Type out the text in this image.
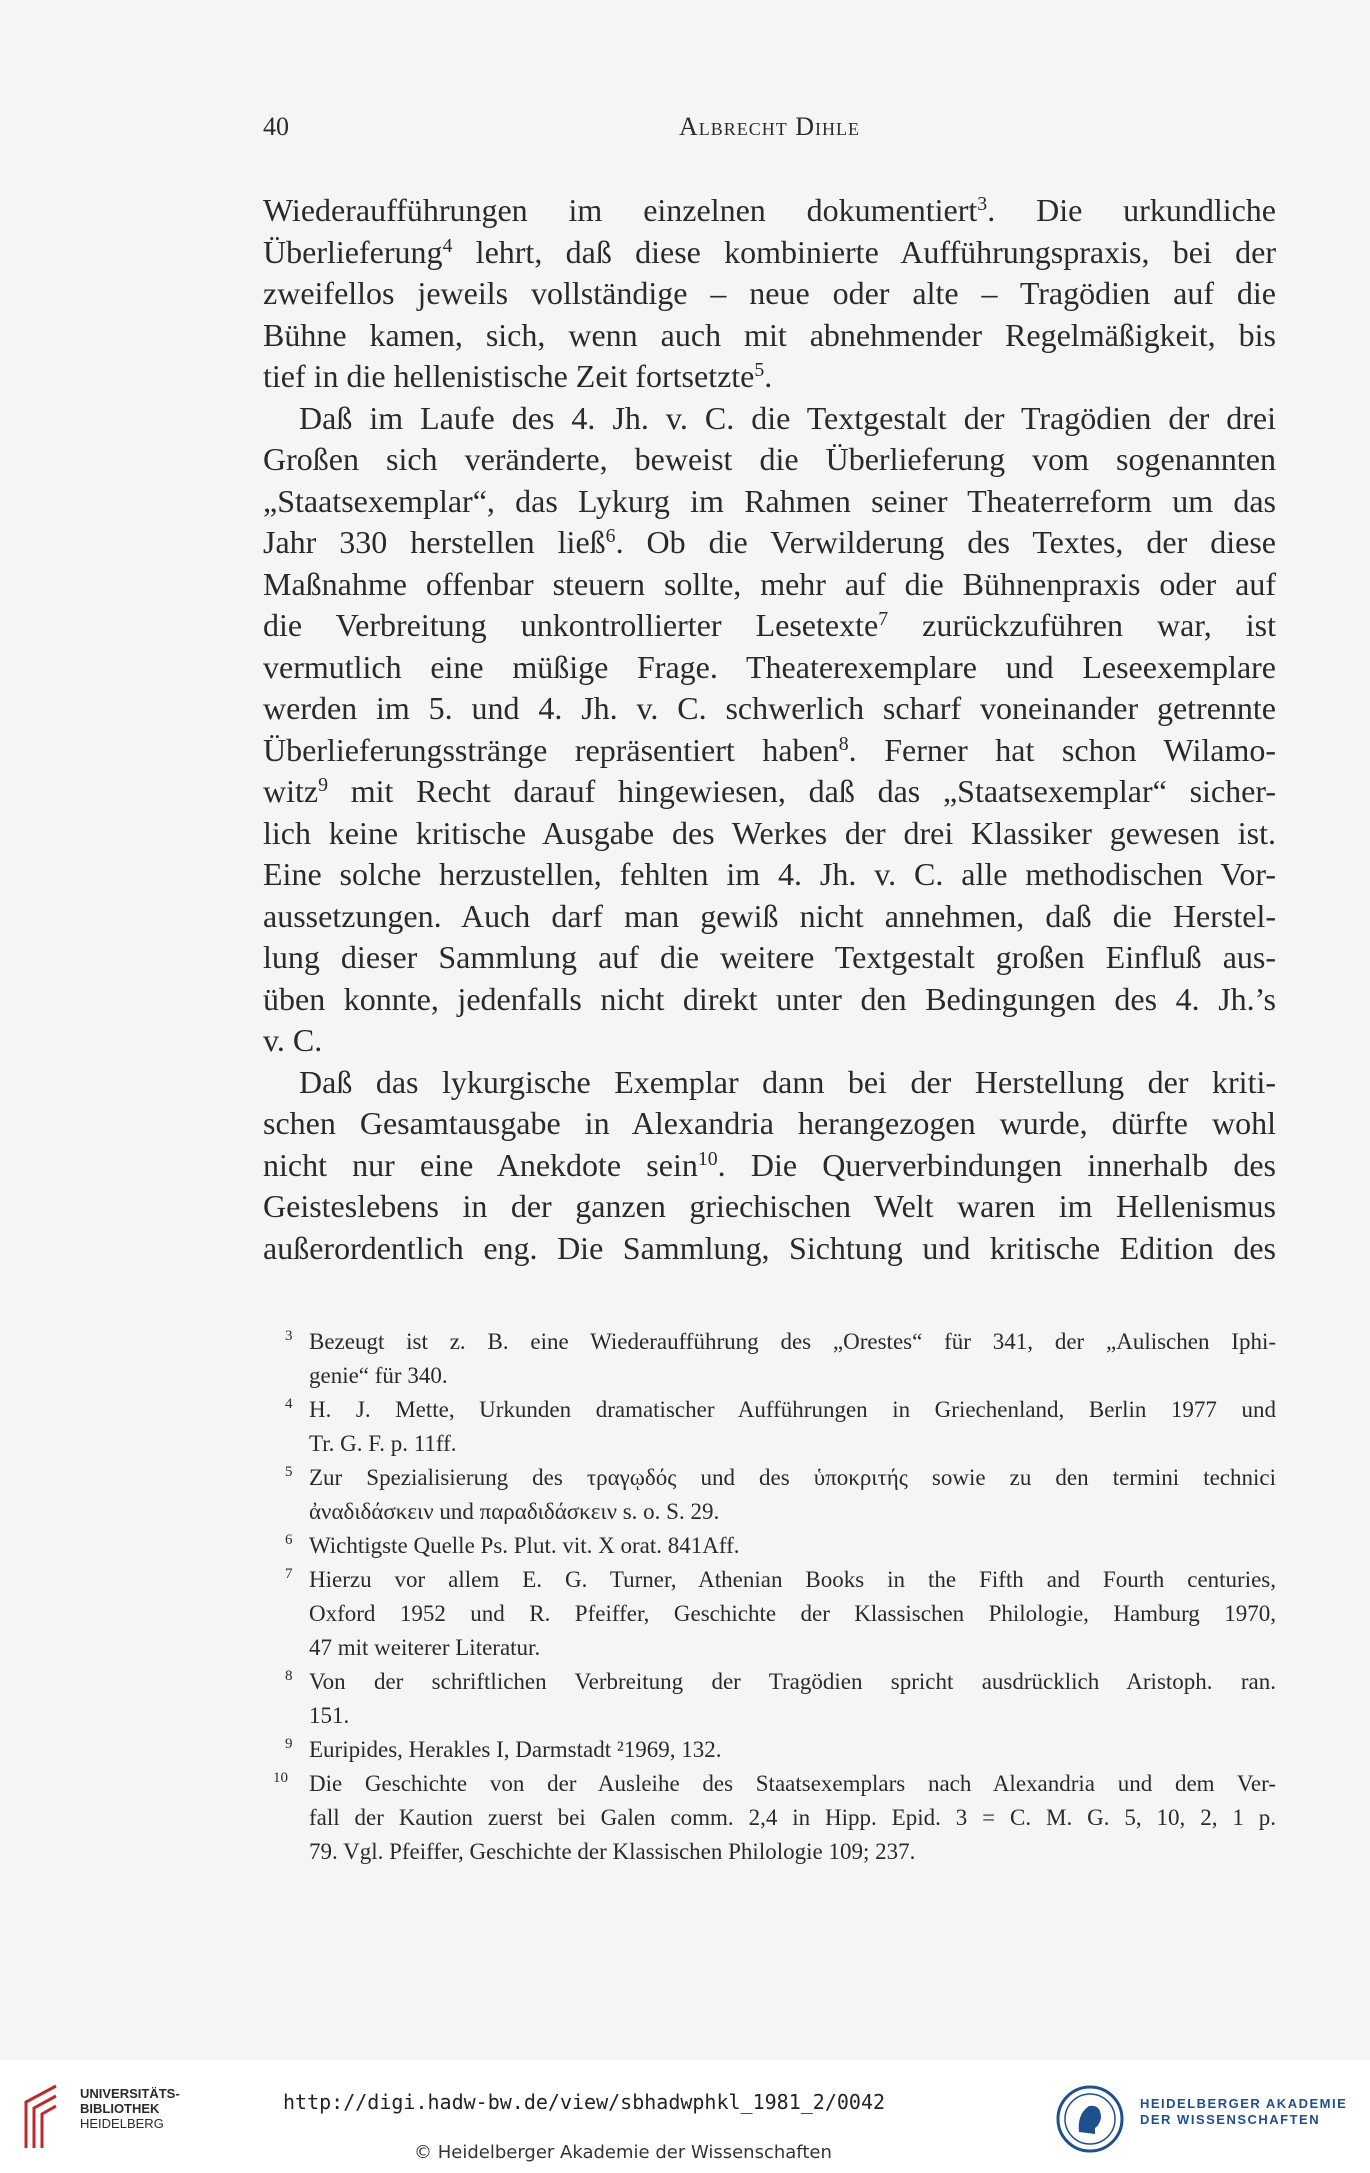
40	Albrecht Dihle
Wiederaufführungen im einzelnen dokumentiert$^3$. Die urkundliche
Überlieferung$^4$ lehrt, daß diese kombinierte Aufführungspraxis, bei der
zweifellos jeweils vollständige – neue oder alte – Tragödien auf die
Bühne kamen, sich, wenn auch mit abnehmender Regelmäßigkeit, bis
tief in die hellenistische Zeit fortsetzte$^5$.
Daß im Laufe des 4. Jh. v. C. die Textgestalt der Tragödien der drei
Großen sich veränderte, beweist die Überlieferung vom sogenannten
„Staatsexemplar“, das Lykurg im Rahmen seiner Theaterreform um das
Jahr 330 herstellen ließ$^6$. Ob die Verwilderung des Textes, der diese
Maßnahme offenbar steuern sollte, mehr auf die Bühnenpraxis oder auf
die Verbreitung unkontrollierter Lesetexte$^7$ zurückzuführen war, ist
vermutlich eine müßige Frage. Theaterexemplare und Leseexemplare
werden im 5. und 4. Jh. v. C. schwerlich scharf voneinander getrennte
Überlieferungsstränge repräsentiert haben$^8$. Ferner hat schon Wilamo-
witz$^9$ mit Recht darauf hingewiesen, daß das „Staatsexemplar“ sicher-
lich keine kritische Ausgabe des Werkes der drei Klassiker gewesen ist.
Eine solche herzustellen, fehlten im 4. Jh. v. C. alle methodischen Vor-
aussetzungen. Auch darf man gewiß nicht annehmen, daß die Herstel-
lung dieser Sammlung auf die weitere Textgestalt großen Einfluß aus-
üben konnte, jedenfalls nicht direkt unter den Bedingungen des 4. Jh.’s
v. C.
Daß das lykurgische Exemplar dann bei der Herstellung der kriti-
schen Gesamtausgabe in Alexandria herangezogen wurde, dürfte wohl
nicht nur eine Anekdote sein$^{10}$. Die Querverbindungen innerhalb des
Geisteslebens in der ganzen griechischen Welt waren im Hellenismus
außerordentlich eng. Die Sammlung, Sichtung und kritische Edition des
3 Bezeugt ist z. B. eine Wiederaufführung des „Orestes“ für 341, der „Aulischen Iphi-
genie“ für 340.
4 H. J. Mette, Urkunden dramatischer Aufführungen in Griechenland, Berlin 1977 und
Tr. G. F. p. 11ff.
5 Zur Spezialisierung des τραγῳδός und des ὑποκριτής sowie zu den termini technici
ἀναδιδάσκειν und παραδιδάσκειν s. o. S. 29.
6 Wichtigste Quelle Ps. Plut. vit. X orat. 841Aff.
7 Hierzu vor allem E. G. Turner, Athenian Books in the Fifth and Fourth centuries,
Oxford 1952 und R. Pfeiffer, Geschichte der Klassischen Philologie, Hamburg 1970,
47 mit weiterer Literatur.
8 Von der schriftlichen Verbreitung der Tragödien spricht ausdrücklich Aristoph. ran.
151.
9 Euripides, Herakles I, Darmstadt ²1969, 132.
10 Die Geschichte von der Ausleihe des Staatsexemplars nach Alexandria und dem Ver-
fall der Kaution zuerst bei Galen comm. 2,4 in Hipp. Epid. 3 = C. M. G. 5, 10, 2, 1 p.
79. Vgl. Pfeiffer, Geschichte der Klassischen Philologie 109; 237.
UNIVERSITÄTS-
BIBLIOTHEK
HEIDELBERG
http://digi.hadw-bw.de/view/sbhadwphkl_1981_2/0042
© Heidelberger Akademie der Wissenschaften
HEIDELBERGER AKADEMIE
DER WISSENSCHAFTEN
